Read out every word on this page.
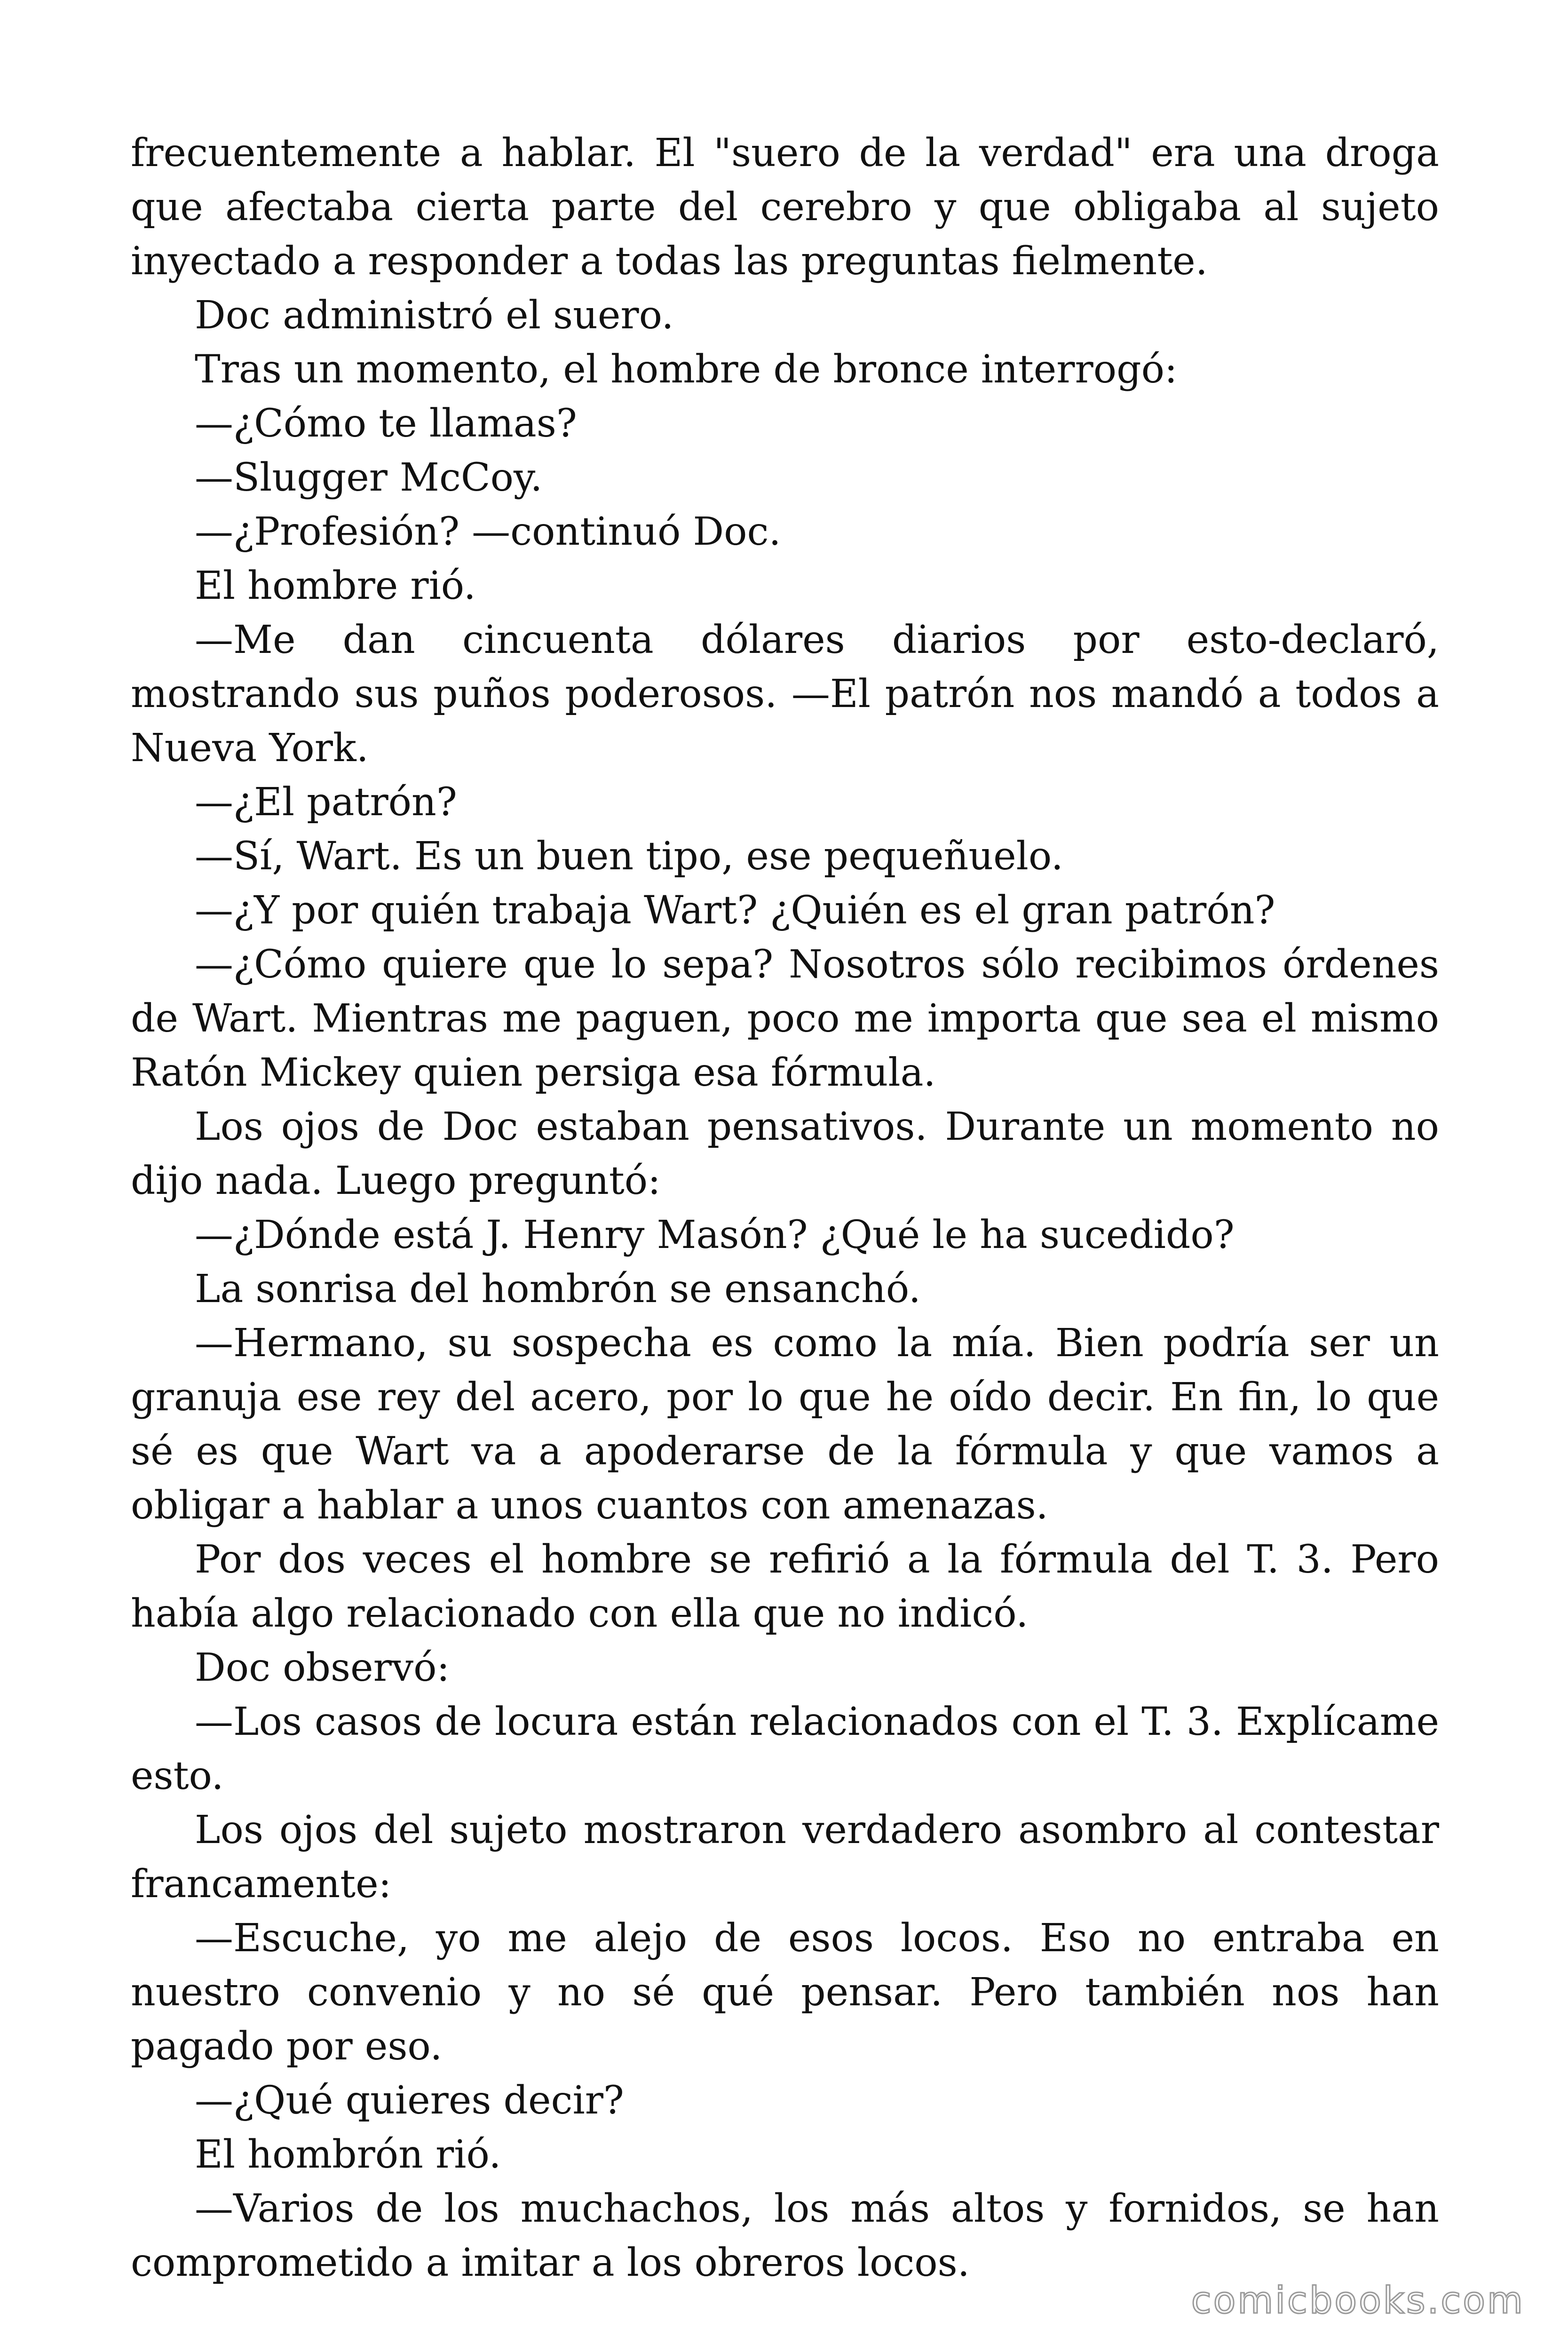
frecuentemente a hablar. El "suero de la verdad" era una droga que afectaba cierta parte del cerebro y que obligaba al sujeto inyectado a responder a todas las preguntas fielmente.

Doc administró el suero.

Tras un momento, el hombre de bronce interrogó:

—¿Cómo te llamas?

—Slugger McCoy.

—¿Profesión? —continuó Doc.

El hombre rió.

—Me dan cincuenta dólares diarios por esto-declaró, mostrando sus puños poderosos. —El patrón nos mandó a todos a Nueva York.

—¿El patrón?

—Sí, Wart. Es un buen tipo, ese pequeñuelo.

—¿Y por quién trabaja Wart? ¿Quién es el gran patrón?

—¿Cómo quiere que lo sepa? Nosotros sólo recibimos órdenes de Wart. Mientras me paguen, poco me importa que sea el mismo Ratón Mickey quien persiga esa fórmula.

Los ojos de Doc estaban pensativos. Durante un momento no dijo nada. Luego preguntó:

—¿Dónde está J. Henry Masón? ¿Qué le ha sucedido?

La sonrisa del hombrón se ensanchó.

—Hermano, su sospecha es como la mía. Bien podría ser un granuja ese rey del acero, por lo que he oído decir. En fin, lo que sé es que Wart va a apoderarse de la fórmula y que vamos a obligar a hablar a unos cuantos con amenazas.

Por dos veces el hombre se refirió a la fórmula del T. 3. Pero había algo relacionado con ella que no indicó.

Doc observó:

—Los casos de locura están relacionados con el T. 3. Explícame esto.

Los ojos del sujeto mostraron verdadero asombro al contestar francamente:

—Escuche, yo me alejo de esos locos. Eso no entraba en nuestro convenio y no sé qué pensar. Pero también nos han pagado por eso.

—¿Qué quieres decir?

El hombrón rió.

—Varios de los muchachos, los más altos y fornidos, se han comprometido a imitar a los obreros locos.

comicbooks.com
